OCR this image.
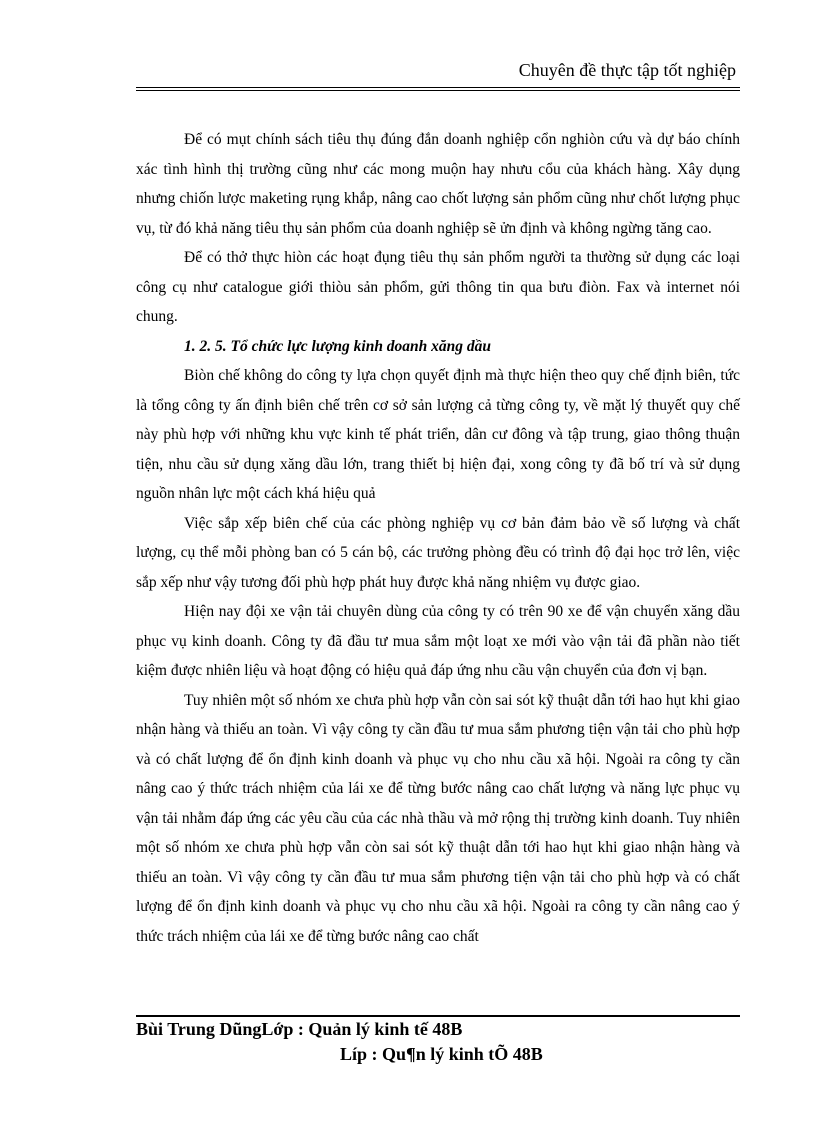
Chuyên đề thực tập tốt nghiệp

Để có mụt chính sách tiêu thụ đúng đắn doanh nghiệp cổn nghiòn cứu và dự báo chính xác tình hình thị trường cũng như các mong muộn hay nhưu cổu của khách hàng. Xây dụng nhưng chiốn lược maketing rụng khắp, nâng cao chốt lượng sản phổm cũng như chốt lượng phục vụ, từ đó khả năng tiêu thụ sản phổm của doanh nghiệp sẽ ửn định và không ngừng tăng cao.

Để có thở thực hiòn các hoạt đụng tiêu thụ sản phổm người ta thường sử dụng các loại công cụ như catalogue giới thiòu sản phổm, gửi thông tin qua bưu điòn. Fax và internet nói chung.

1. 2. 5. Tổ chức lực lượng kinh doanh xăng dầu

Biòn chế không do công ty lựa chọn quyết định mà thực hiện theo quy chế định biên, tức là tổng công ty ấn định biên chế trên cơ sở sản lượng cả từng công ty, về mặt lý thuyết quy chế này phù hợp với những khu vực kinh tế phát triển, dân cư đông và tập trung, giao thông thuận tiện, nhu cầu sử dụng xăng dầu lớn, trang thiết bị hiện đại, xong công ty đã bố trí và sử dụng nguồn nhân lực một cách khá hiệu quả

Việc sắp xếp biên chế của các phòng nghiệp vụ cơ bản đảm bảo về số lượng và chất lượng, cụ thể mỗi phòng ban có 5 cán bộ, các trưởng phòng đều có trình độ đại học trở lên, việc sắp xếp như vậy tương đối phù hợp phát huy được khả năng nhiệm vụ được giao.

Hiện nay đội xe vận tải chuyên dùng của công ty có trên 90 xe để vận chuyển xăng dầu phục vụ kinh doanh. Công ty đã đầu tư mua sắm một loạt xe mới vào vận tải đã phần nào tiết kiệm được nhiên liệu và hoạt động có hiệu quả đáp ứng nhu cầu vận chuyển của đơn vị bạn.

Tuy nhiên một số nhóm xe chưa phù hợp vẫn còn sai sót kỹ thuật dẫn tới hao hụt khi giao nhận hàng và thiếu an toàn. Vì vậy công ty cần đầu tư mua sắm phương tiện vận tải cho phù hợp và có chất lượng để ổn định kinh doanh và phục vụ cho nhu cầu xã hội. Ngoài ra công ty cần nâng cao ý thức trách nhiệm của lái xe để từng bước nâng cao chất lượng và năng lực phục vụ vận tải nhằm đáp ứng các yêu cầu của các nhà thầu và mở rộng thị trường kinh doanh. Tuy nhiên một số nhóm xe chưa phù hợp vẫn còn sai sót kỹ thuật dẫn tới hao hụt khi giao nhận hàng và thiếu an toàn. Vì vậy công ty cần đầu tư mua sắm phương tiện vận tải cho phù hợp và có chất lượng để ổn định kinh doanh và phục vụ cho nhu cầu xã hội. Ngoài ra công ty cần nâng cao ý thức trách nhiệm của lái xe để từng bước nâng cao chất

Bùi Trung DũngLớp : Quản lý kinh tế 48B
Líp : Qu¶n lý kinh tÕ 48B
